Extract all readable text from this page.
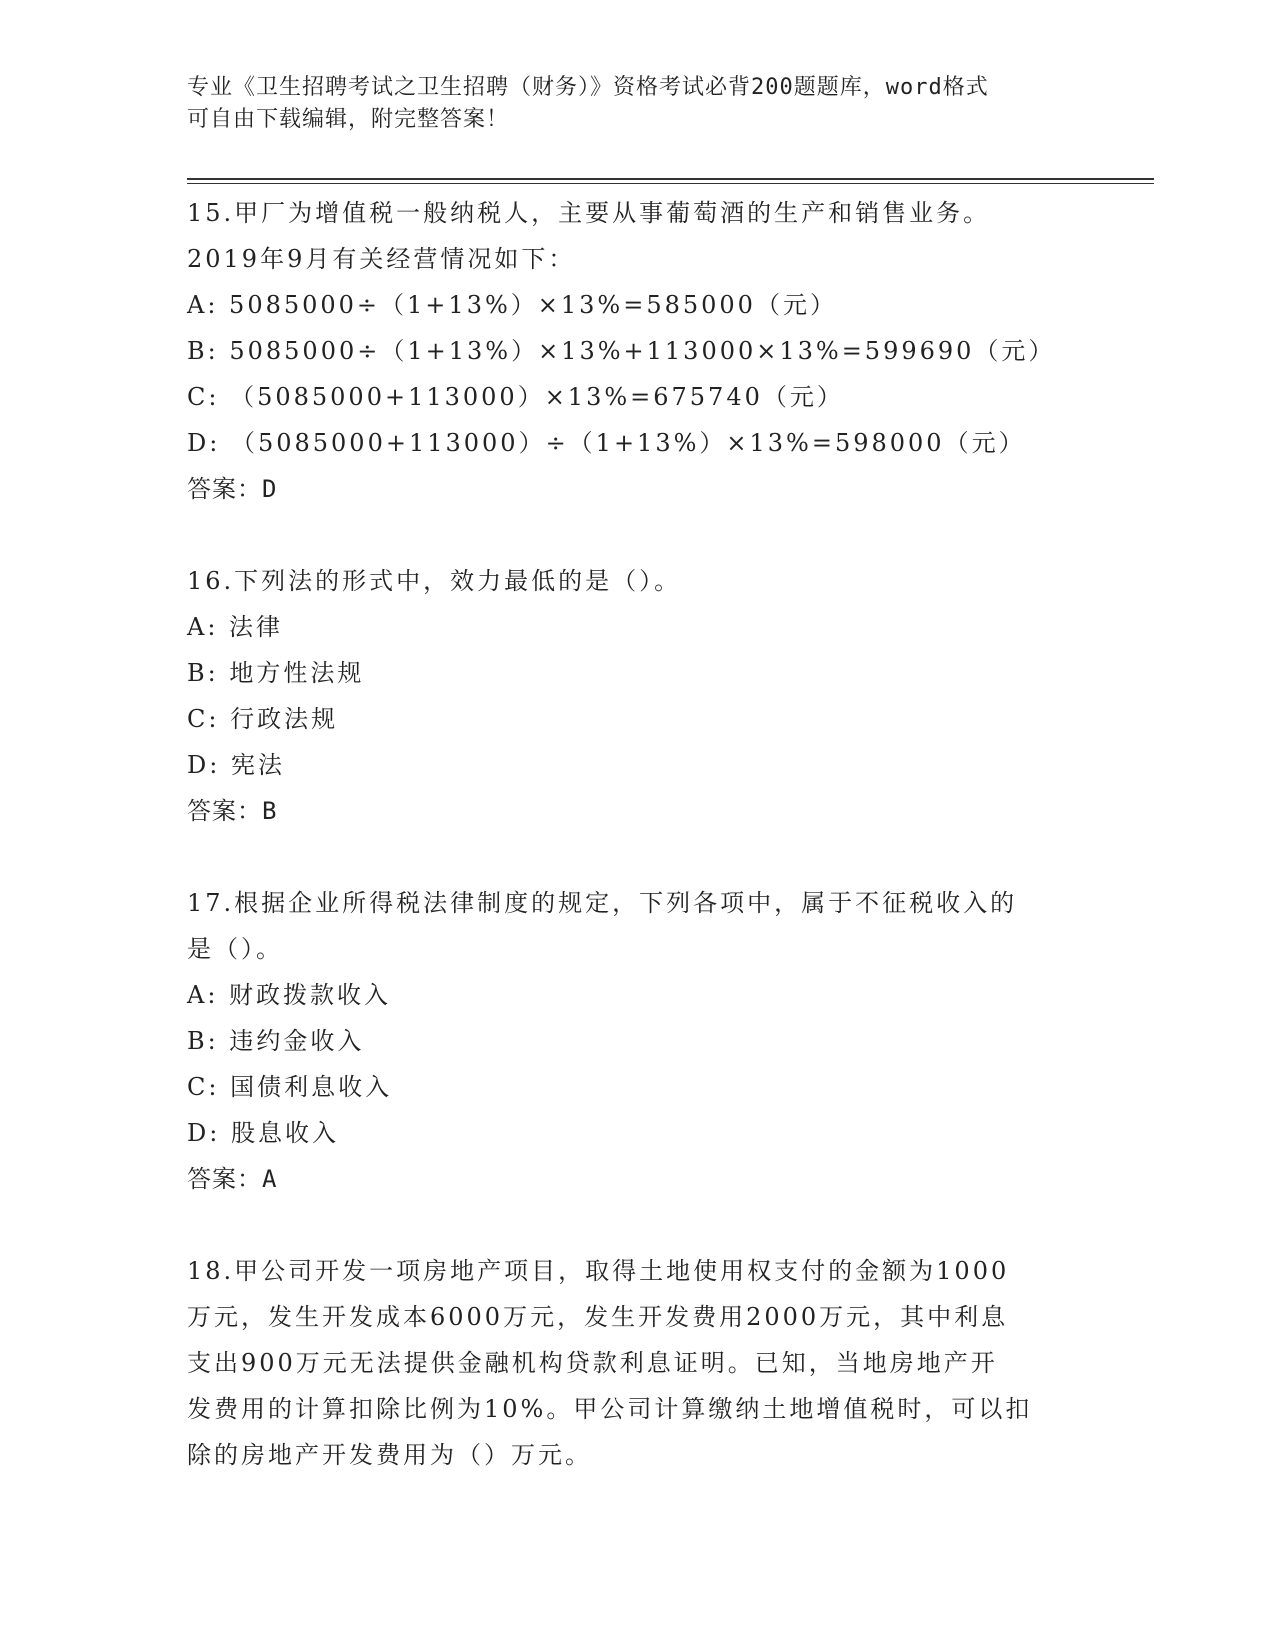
专业《卫生招聘考试之卫生招聘（财务）》资格考试必背200题题库，word格式
可自由下载编辑，附完整答案！
15.甲厂为增值税一般纳税人，主要从事葡萄酒的生产和销售业务。
2019年9月有关经营情况如下：
A: 5085000÷（1+13%）×13%=585000（元）
B: 5085000÷（1+13%）×13%+113000×13%=599690（元）
C: （5085000+113000）×13%=675740（元）
D: （5085000+113000）÷（1+13%）×13%=598000（元）
答案：D
16.下列法的形式中，效力最低的是（）。
A: 法律
B: 地方性法规
C: 行政法规
D: 宪法
答案：B
17.根据企业所得税法律制度的规定，下列各项中，属于不征税收入的
是（）。
A: 财政拨款收入
B: 违约金收入
C: 国债利息收入
D: 股息收入
答案：A
18.甲公司开发一项房地产项目，取得土地使用权支付的金额为1000
万元，发生开发成本6000万元，发生开发费用2000万元，其中利息
支出900万元无法提供金融机构贷款利息证明。已知，当地房地产开
发费用的计算扣除比例为10%。甲公司计算缴纳土地增值税时，可以扣
除的房地产开发费用为（）万元。
